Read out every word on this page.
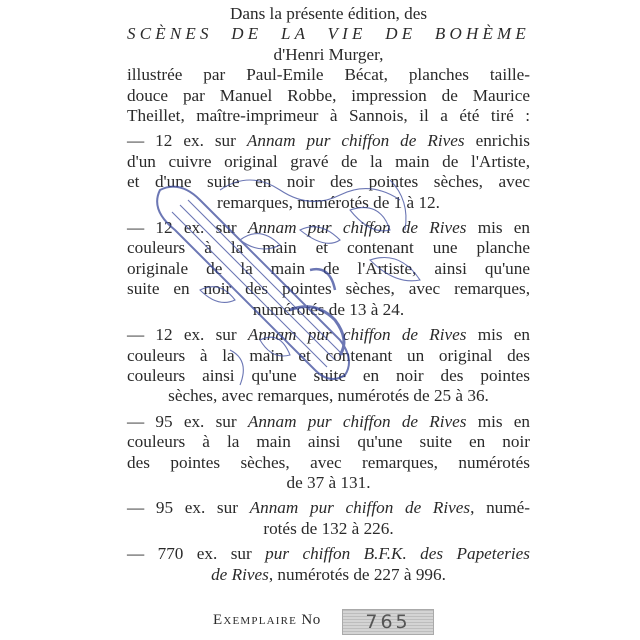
Dans la présente édition, des
SCÈNES DE LA VIE DE BOHÈME
d'Henri Murger,
illustrée par Paul-Emile Bécat, planches taille-
douce par Manuel Robbe, impression de Maurice
Theillet, maître-imprimeur à Sannois, il a été tiré :
— 12 ex. sur Annam pur chiffon de Rives enrichis
d'un cuivre original gravé de la main de l'Artiste,
et d'une suite en noir des pointes sèches, avec
remarques, numérotés de 1 à 12.
— 12 ex. sur Annam pur chiffon de Rives mis en
couleurs à la main et contenant une planche
originale de la main de l'Artiste, ainsi qu'une
suite en noir des pointes sèches, avec remarques,
numérotés de 13 à 24.
— 12 ex. sur Annam pur chiffon de Rives mis en
couleurs à la main et contenant un original des
couleurs ainsi qu'une suite en noir des pointes
sèches, avec remarques, numérotés de 25 à 36.
— 95 ex. sur Annam pur chiffon de Rives mis en
couleurs à la main ainsi qu'une suite en noir
des pointes sèches, avec remarques, numérotés
de 37 à 131.
— 95 ex. sur Annam pur chiffon de Rives, numé-
rotés de 132 à 226.
— 770 ex. sur pur chiffon B.F.K. des Papeteries
de Rives, numérotés de 227 à 996.
Exemplaire No	765
